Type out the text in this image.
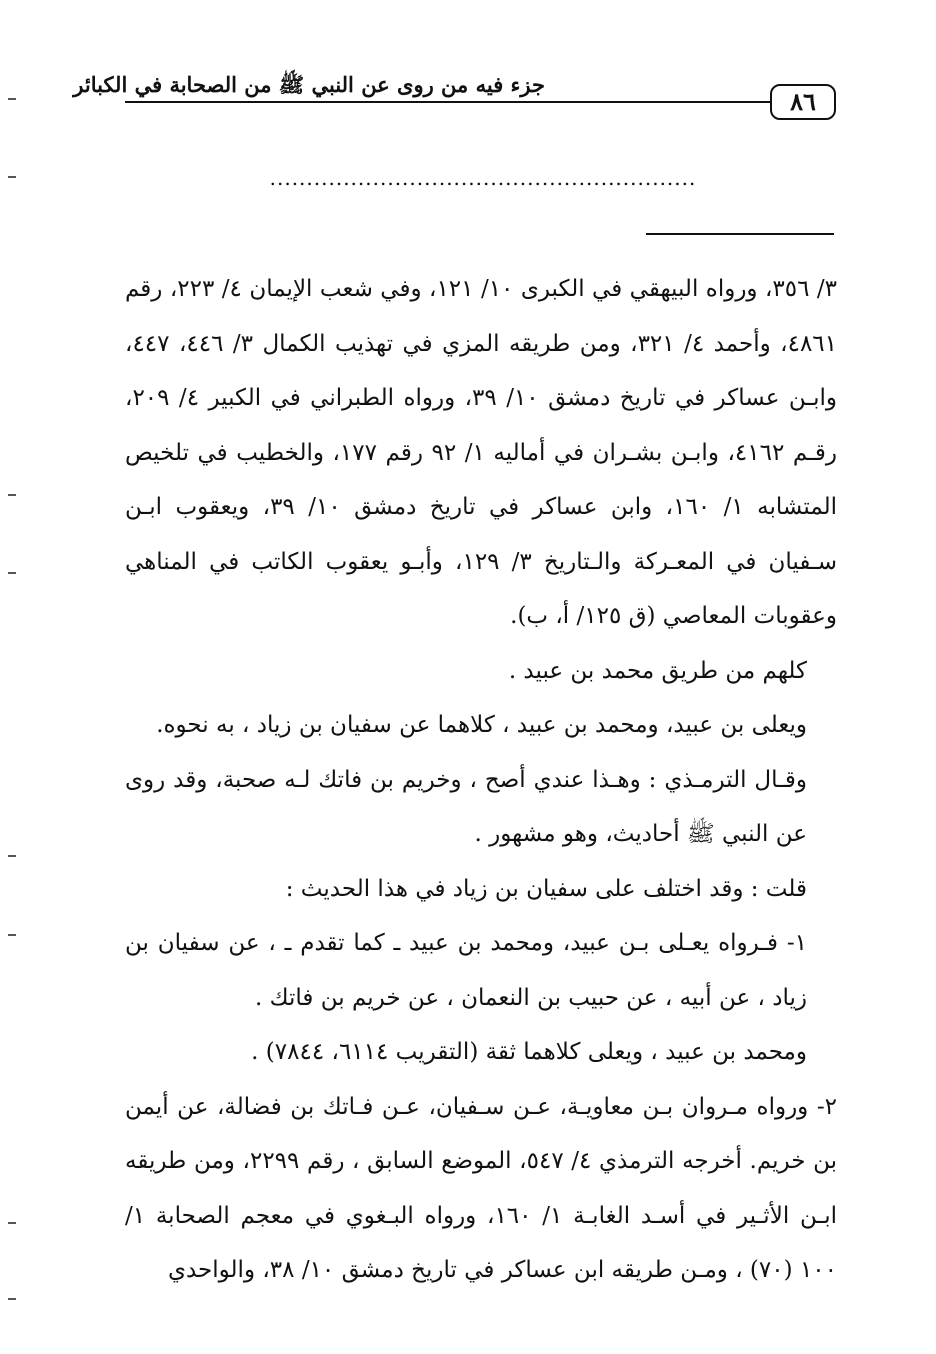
جزء فيه من روى عن النبي ﷺ من الصحابة في الكبائر
٨٦
..........................................................

٣/ ٣٥٦، ورواه البيهقي في الكبرى ١٠/ ١٢١، وفي شعب الإيمان ٤/ ٢٢٣، رقم ٤٨٦١، وأحمد ٤/ ٣٢١، ومن طريقه المزي في تهذيب الكمال ٣/ ٤٤٦، ٤٤٧، وابـن عساكر في تاريخ دمشق ١٠/ ٣٩، ورواه الطبراني في الكبير ٤/ ٢٠٩، رقـم ٤١٦٢، وابـن بشـران في أماليه ١/ ٩٢ رقم ١٧٧، والخطيب في تلخيص المتشابه ١/ ١٦٠، وابن عساكر في تاريخ دمشق ١٠/ ٣٩، ويعقوب ابـن سـفيان في المعـركة والـتاريخ ٣/ ١٢٩، وأبـو يعقوب الكاتب في المناهي وعقوبات المعاصي (ق ١٢٥/ أ، ب).

كلهم من طريق محمد بن عبيد .

ويعلى بن عبيد، ومحمد بن عبيد ، كلاهما عن سفيان بن زياد ، به نحوه.

وقـال الترمـذي : وهـذا عندي أصح ، وخريم بن فاتك لـه صحبة، وقد روى عن النبي ﷺ أحاديث، وهو مشهور .

قلت : وقد اختلف على سفيان بن زياد في هذا الحديث :

١- فـرواه يعـلى بـن عبيد، ومحمد بن عبيد ـ كما تقدم ـ ، عن سفيان بن زياد ، عن أبيه ، عن حبيب بن النعمان ، عن خريم بن فاتك .

ومحمد بن عبيد ، ويعلى كلاهما ثقة (التقريب ٦١١٤، ٧٨٤٤) .

٢- ورواه مـروان بـن معاويـة، عـن سـفيان، عـن فـاتك بن فضالة، عن أيمن بن خريم. أخرجه الترمذي ٤/ ٥٤٧، الموضع السابق ، رقم ٢٢٩٩، ومن طريقه ابـن الأثـير في أسـد الغابـة ١/ ١٦٠، ورواه البـغوي في معجم الصحابة ١/ ١٠٠ (٧٠) ، ومـن طريقه ابن عساكر في تاريخ دمشق ١٠/ ٣٨، والواحدي
